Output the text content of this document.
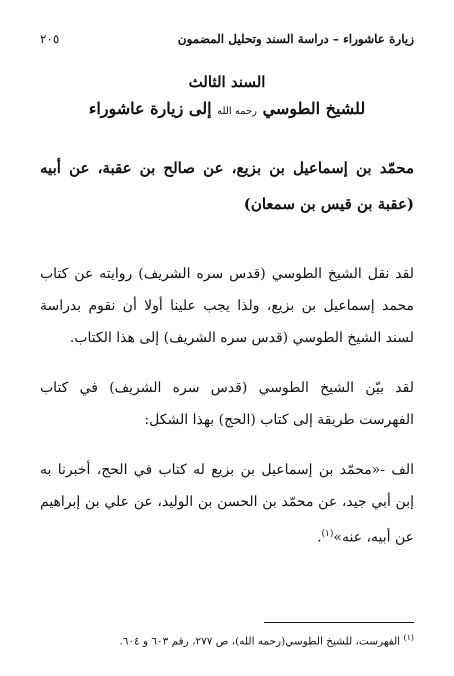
٢٠٥	زيارة عاشوراء – دراسة السند وتحليل المضمون
السند الثالث
للشيخ الطوسي رحمه الله إلى زيارة عاشوراء

محمّد بن إسماعيل بن بزيع، عن صالح بن عقبة، عن أبيه (عقبة بن قيس بن سمعان)

لقد نقل الشيخ الطوسي (قدس سره الشريف) روايته عن كتاب محمد إسماعيل بن بزيع، ولذا يجب علينا أولا أن نقوم بدراسة لسند الشيخ الطوسي (قدس سره الشريف) إلى هذا الكتاب.

لقد بيّن الشيخ الطوسي (قدس سره الشريف) في كتاب الفهرست طريقة إلى كتاب (الحج) بهذا الشكل:

الف -«محمّد بن إسماعيل بن بزيع له كتاب في الحج، أخبرنا به إبن أبي جيد، عن محمّد بن الحسن بن الوليد، عن علي بن إبراهيم عن أبيه، عنه»$^{(١)}$.

$^{(١)}$ الفهرست، للشيخ الطوسي(رحمه الله)، ص ٢٧٧، رقم ٦٠٣ و ٦٠٤.
